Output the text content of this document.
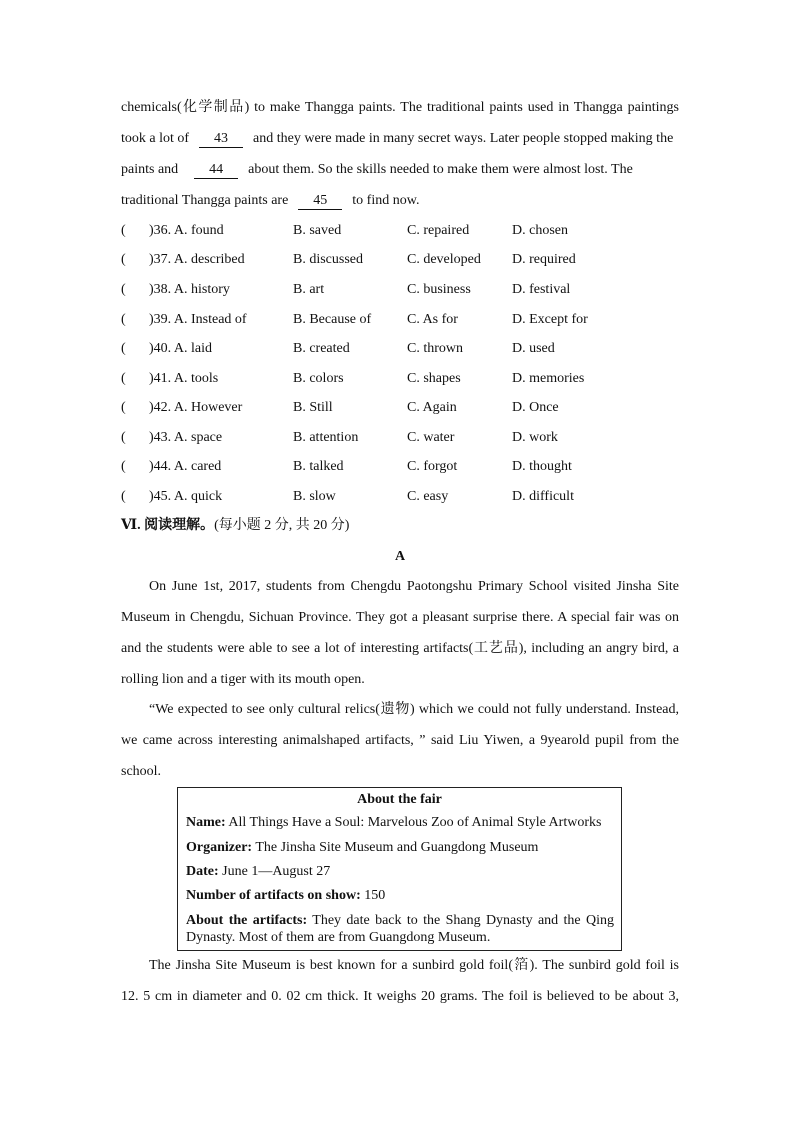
chemicals(化学制品) to make Thangga paints. The traditional paints used in Thangga paintings
took a lot of 43 and they were made in many secret ways. Later people stopped making the
paints and 44 about them. So the skills needed to make them were almost lost. The
traditional Thangga paints are 45 to find now.
( )36. A. found	B. saved	C. repaired	D. chosen
( )37. A. described	B. discussed	C. developed D. required
( )38. A. history	B. art	C. business	D. festival
( )39. A. Instead of	B. Because of	C. As for	D. Except for
( )40. A. laid	B. created	C. thrown	D. used
( )41. A. tools	B. colors	C. shapes	D. memories
( )42. A. However	B. Still	C. Again	D. Once
( )43. A. space	B. attention	C. water	D. work
( )44. A. cared	B. talked	C. forgot	D. thought
( )45. A. quick	B. slow	C. easy	D. difficult
Ⅵ. 阅读理解。(每小题 2 分, 共 20 分)
A
On June 1st, 2017, students from Chengdu Paotongshu Primary School visited Jinsha Site
Museum in Chengdu, Sichuan Province. They got a pleasant surprise there. A special fair was on
and the students were able to see a lot of interesting artifacts(工艺品), including an angry bird, a
rolling lion and a tiger with its mouth open.
“We expected to see only cultural relics(遗物) which we could not fully understand. Instead,
we came across interesting animalshaped artifacts, ” said Liu Yiwen, a 9yearold pupil from the
school.
About the fair
Name: All Things Have a Soul: Marvelous Zoo of Animal Style Artworks
Organizer: The Jinsha Site Museum and Guangdong Museum
Date: June 1—August 27
Number of artifacts on show: 150
About the artifacts: They date back to the Shang Dynasty and the Qing
Dynasty. Most of them are from Guangdong Museum.
The Jinsha Site Museum is best known for a sunbird gold foil(箔). The sunbird gold foil is
12. 5 cm in diameter and 0. 02 cm thick. It weighs 20 grams. The foil is believed to be about 3,
